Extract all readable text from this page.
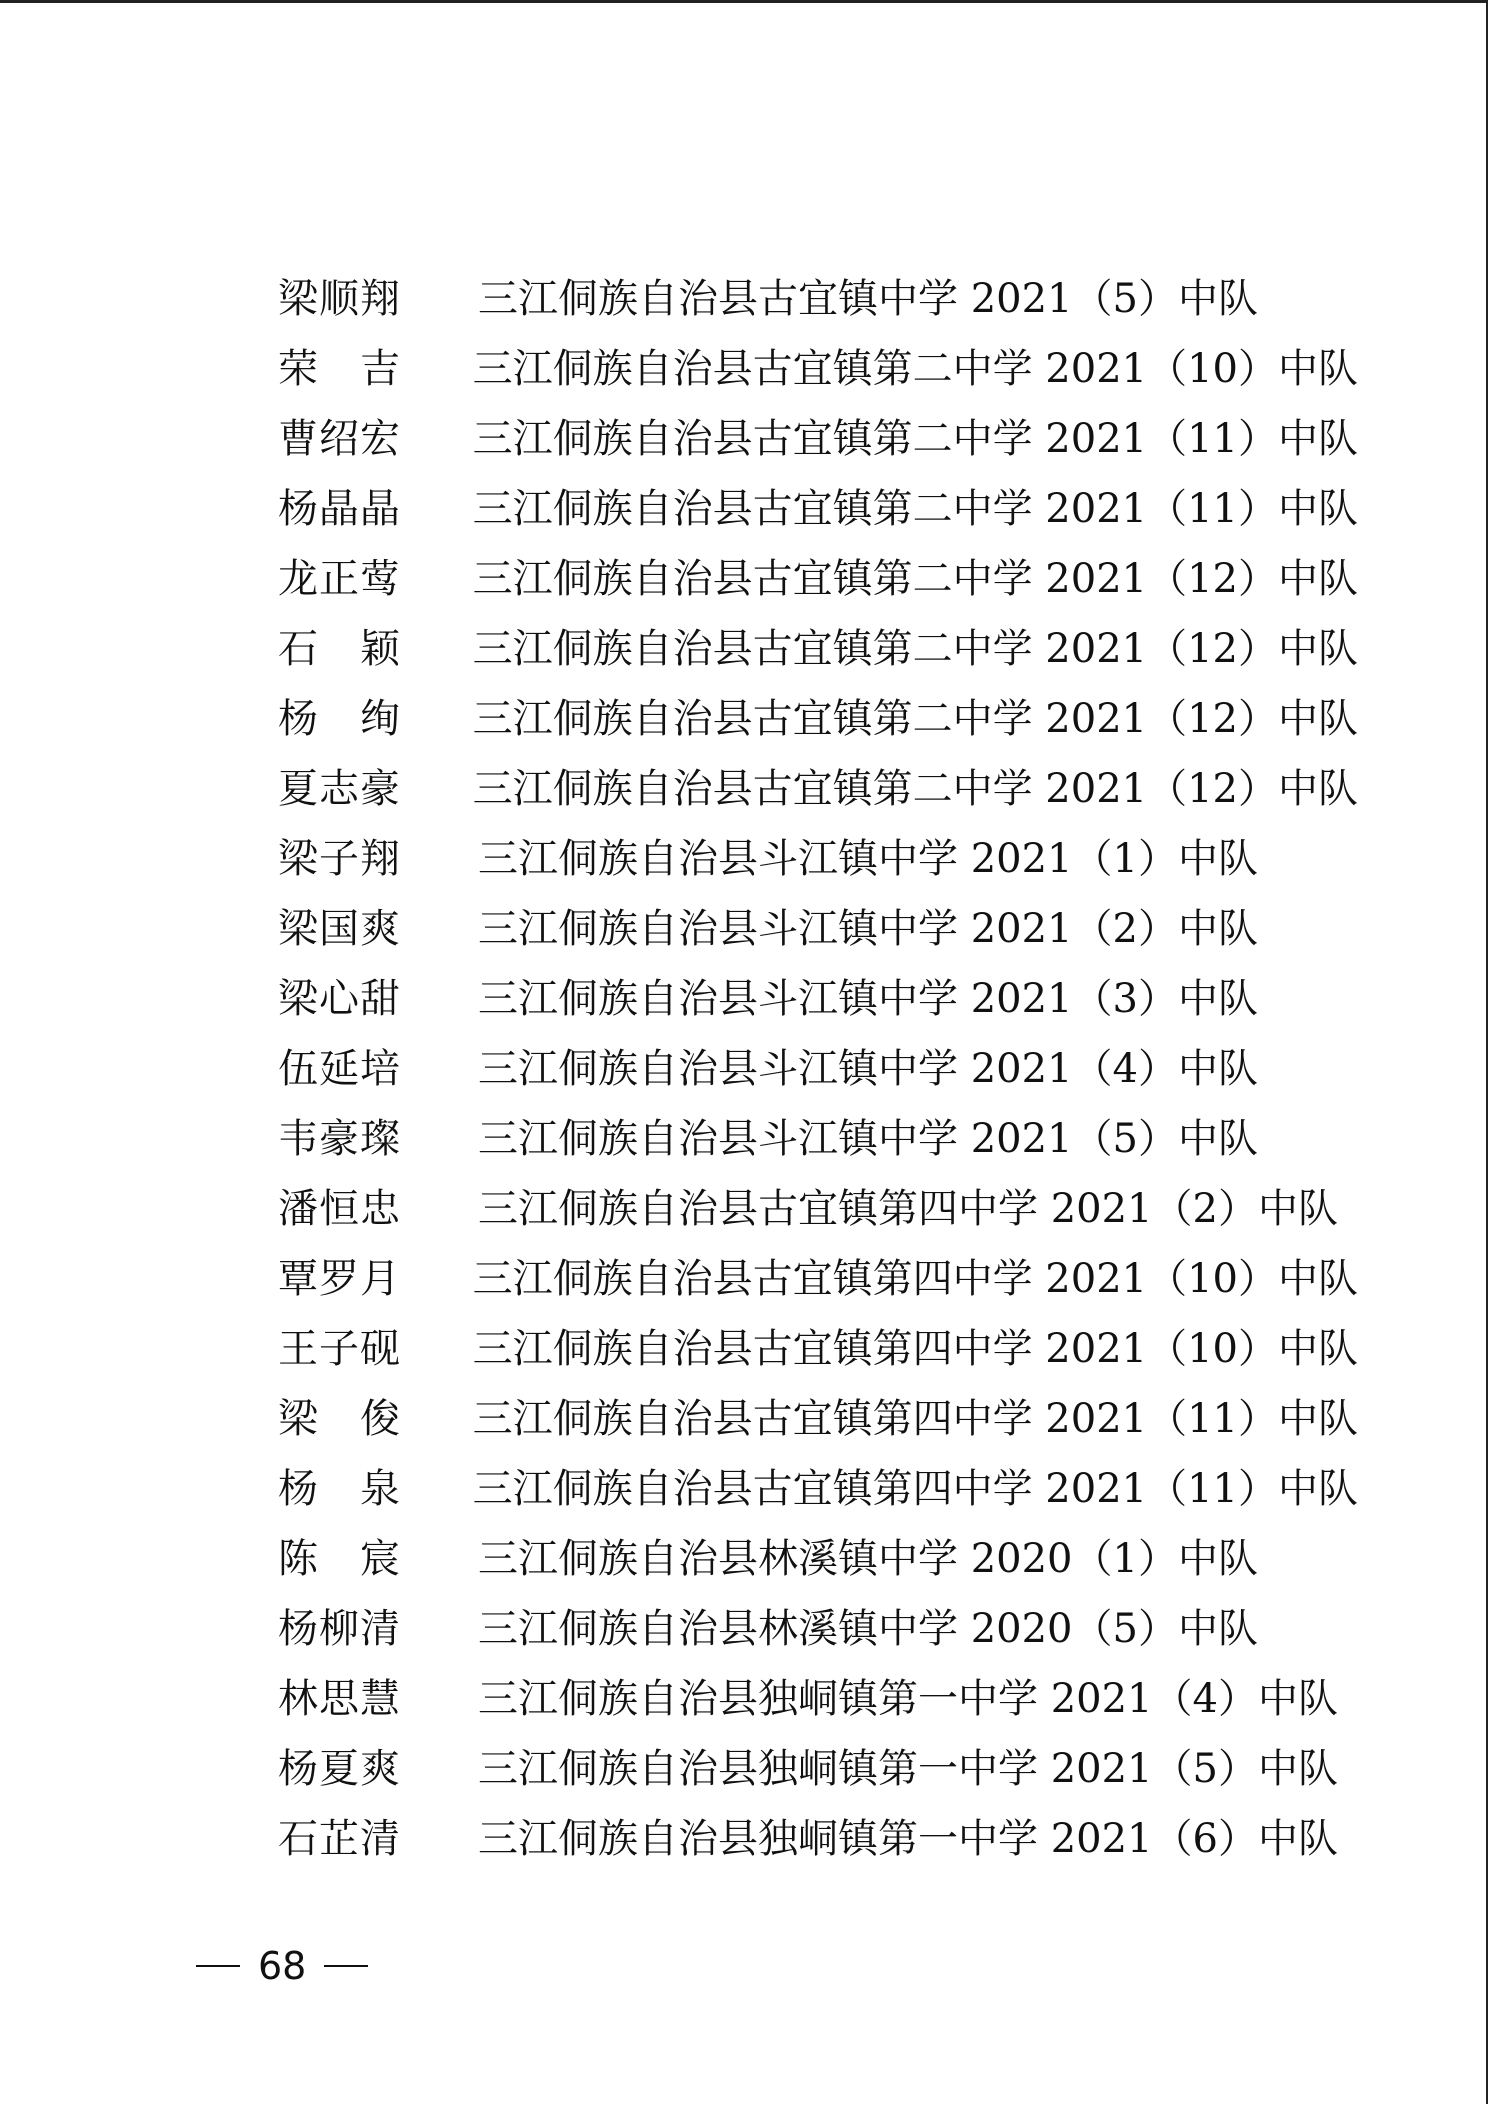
梁顺翔	三江侗族自治县古宜镇中学 2021（5）中队
荣　吉	三江侗族自治县古宜镇第二中学 2021（10）中队
曹绍宏	三江侗族自治县古宜镇第二中学 2021（11）中队
杨晶晶	三江侗族自治县古宜镇第二中学 2021（11）中队
龙正莺	三江侗族自治县古宜镇第二中学 2021（12）中队
石　颖	三江侗族自治县古宜镇第二中学 2021（12）中队
杨　绚	三江侗族自治县古宜镇第二中学 2021（12）中队
夏志豪	三江侗族自治县古宜镇第二中学 2021（12）中队
梁子翔	三江侗族自治县斗江镇中学 2021（1）中队
梁国爽	三江侗族自治县斗江镇中学 2021（2）中队
梁心甜	三江侗族自治县斗江镇中学 2021（3）中队
伍延培	三江侗族自治县斗江镇中学 2021（4）中队
韦豪璨	三江侗族自治县斗江镇中学 2021（5）中队
潘恒忠	三江侗族自治县古宜镇第四中学 2021（2）中队
覃罗月	三江侗族自治县古宜镇第四中学 2021（10）中队
王子砚	三江侗族自治县古宜镇第四中学 2021（10）中队
梁　俊	三江侗族自治县古宜镇第四中学 2021（11）中队
杨　泉	三江侗族自治县古宜镇第四中学 2021（11）中队
陈　宸	三江侗族自治县林溪镇中学 2020（1）中队
杨柳清	三江侗族自治县林溪镇中学 2020（5）中队
林思慧	三江侗族自治县独峒镇第一中学 2021（4）中队
杨夏爽	三江侗族自治县独峒镇第一中学 2021（5）中队
石芷清	三江侗族自治县独峒镇第一中学 2021（6）中队
68
